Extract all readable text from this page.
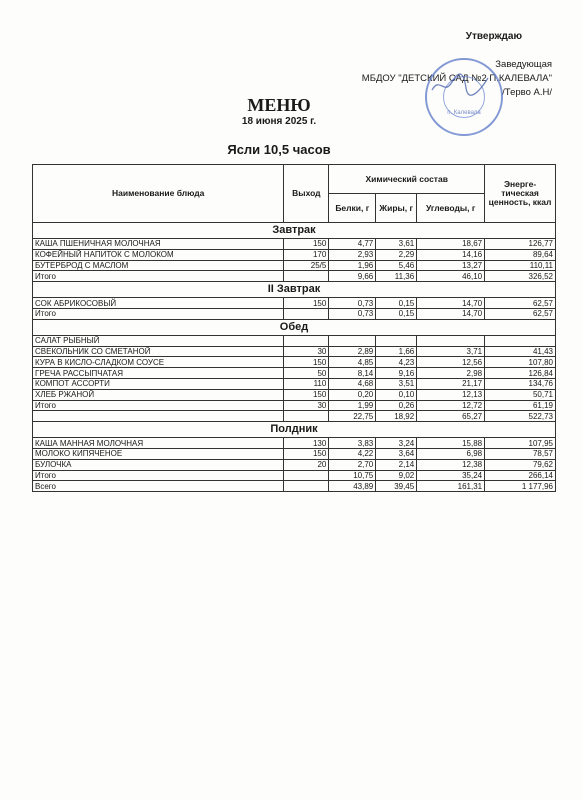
Утверждаю
Заведующая
МБДОУ "ДЕТСКИЙ САД №2 П.КАЛЕВАЛА"
/Терво А.Н/
п. Калевала
МЕНЮ
18 июня 2025 г.
Ясли 10,5 часов
Наименование блюда	Выход	Химический состав			Энерге-тическая ценность, ккал
		Белки, г	Жиры, г	Углеводы, г	
Завтрак					
КАША ПШЕНИЧНАЯ МОЛОЧНАЯ	150	4,77	3,61	18,67	126,77
КОФЕЙНЫЙ НАПИТОК С МОЛОКОМ	170	2,93	2,29	14,16	89,64
БУТЕРБРОД С МАСЛОМ	25/5	1,96	5,46	13,27	110,11
Итого		9,66	11,36	46,10	326,52
II Завтрак					
СОК АБРИКОСОВЫЙ	150	0,73	0,15	14,70	62,57
Итого		0,73	0,15	14,70	62,57
Обед					
САЛАТ РЫБНЫЙ					
СВЕКОЛЬНИК СО СМЕТАНОЙ	30	2,89	1,66	3,71	41,43
КУРА В КИСЛО-СЛАДКОМ СОУСЕ	150	4,85	4,23	12,56	107,80
ГРЕЧА РАССЫПЧАТАЯ	50	8,14	9,16	2,98	126,84
КОМПОТ АССОРТИ	110	4,68	3,51	21,17	134,76
ХЛЕБ РЖАНОЙ	150	0,20	0,10	12,13	50,71
Итого	30	1,99	0,26	12,72	61,19
		22,75	18,92	65,27	522,73
Полдник					
КАША МАННАЯ МОЛОЧНАЯ	130	3,83	3,24	15,88	107,95
МОЛОКО КИПЯЧЕНОЕ	150	4,22	3,64	6,98	78,57
БУЛОЧКА	20	2,70	2,14	12,38	79,62
Итого		10,75	9,02	35,24	266,14
Всего		43,89	39,45	161,31	1 177,96
